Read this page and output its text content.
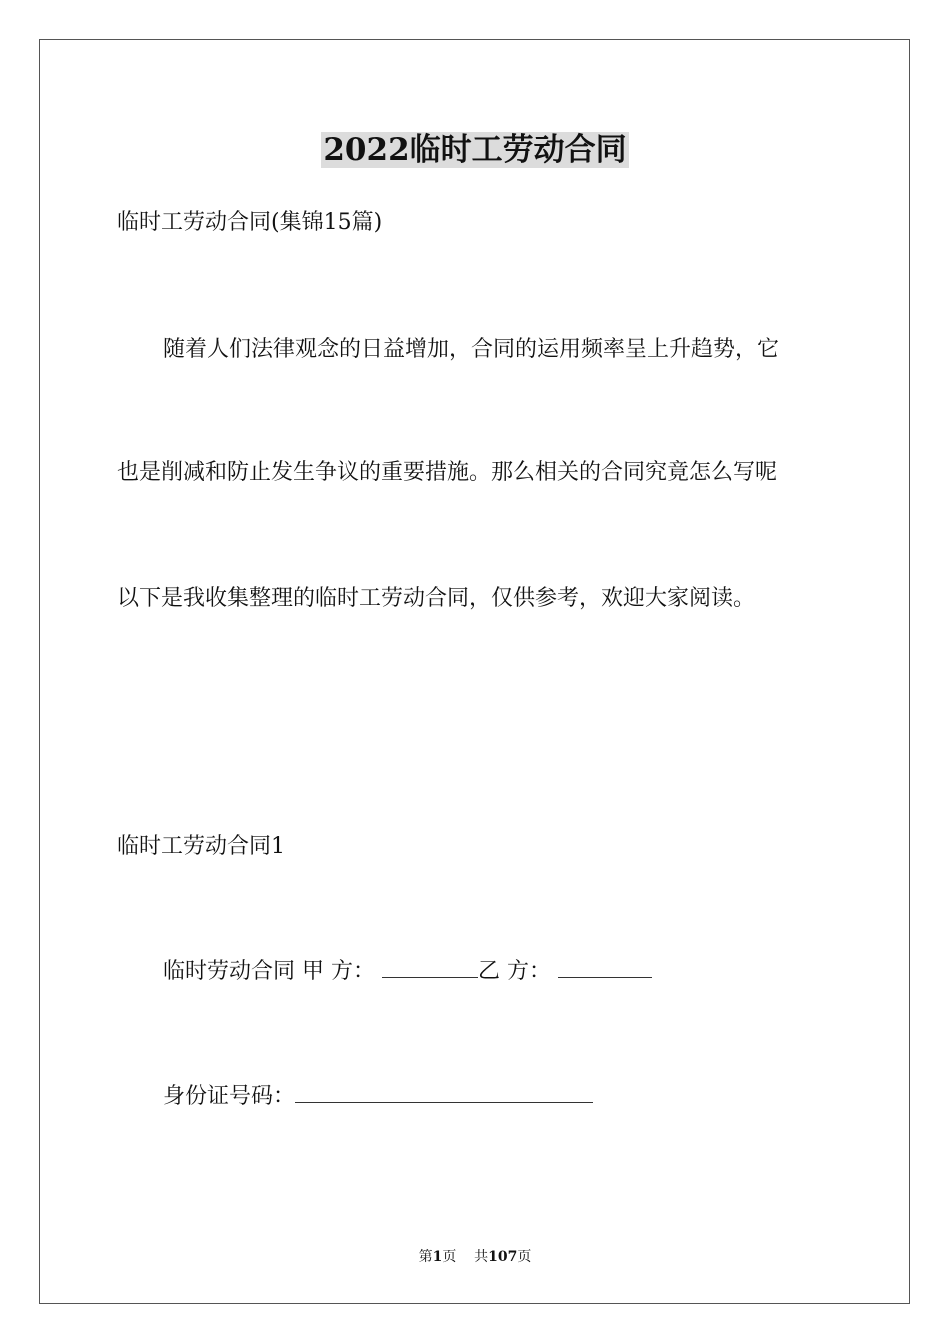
2022临时工劳动合同

临时工劳动合同(集锦15篇)

随着人们法律观念的日益增加，合同的运用频率呈上升趋势，它

也是削减和防止发生争议的重要措施。那么相关的合同究竟怎么写呢

以下是我收集整理的临时工劳动合同，仅供参考，欢迎大家阅读。

临时工劳动合同1

临时劳动合同 甲 方：	乙 方：

身份证号码：

第1页 共107页
